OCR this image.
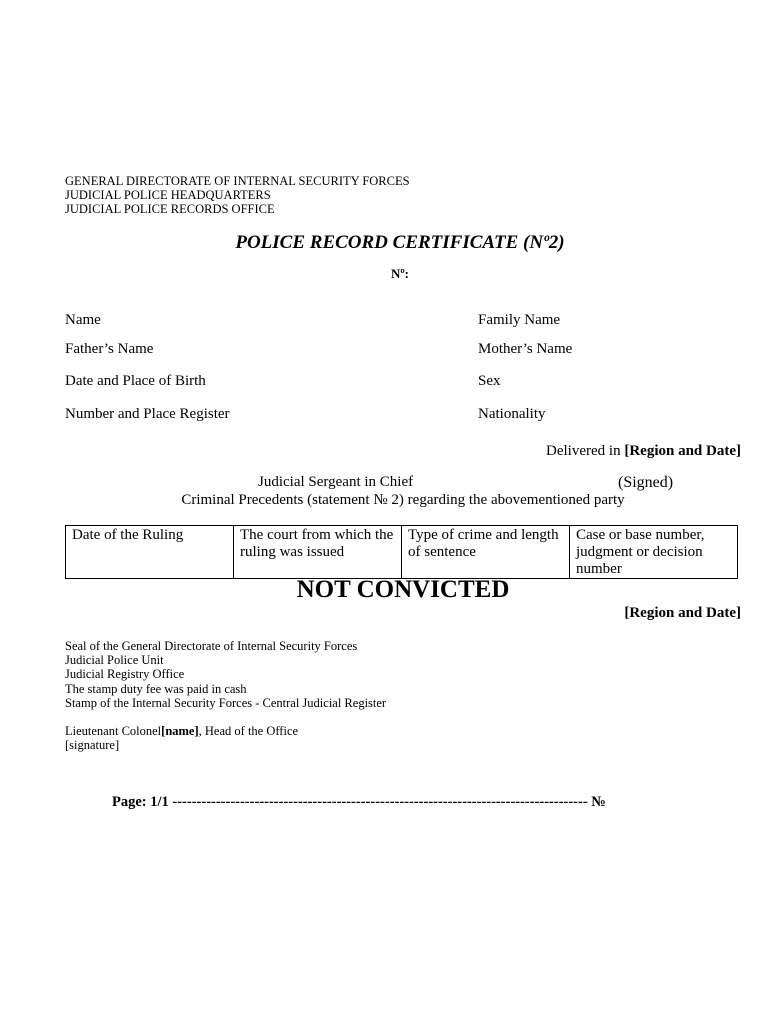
GENERAL DIRECTORATE OF INTERNAL SECURITY FORCES
JUDICIAL POLICE HEADQUARTERS
JUDICIAL POLICE RECORDS OFFICE
POLICE RECORD CERTIFICATE (Nº2)
Nº:
Name	Family Name
Father’s Name	Mother’s Name
Date and Place of Birth	Sex
Number and Place Register	Nationality
Delivered in [Region and Date]
Judicial Sergeant in Chief	(Signed)
Criminal Precedents (statement № 2) regarding the abovementioned party
Date of the Ruling	The court from which the ruling was issued	Type of crime and length of sentence	Case or base number, judgment or decision number
NOT CONVICTED
[Region and Date]
Seal of the General Directorate of Internal Security Forces
Judicial Police Unit
Judicial Registry Office
The stamp duty fee was paid in cash
Stamp of the Internal Security Forces - Central Judicial Register
Lieutenant Colonel[name], Head of the Office
[signature]
Page: 1/1 -------------------------------------------------------------------------------------- №
